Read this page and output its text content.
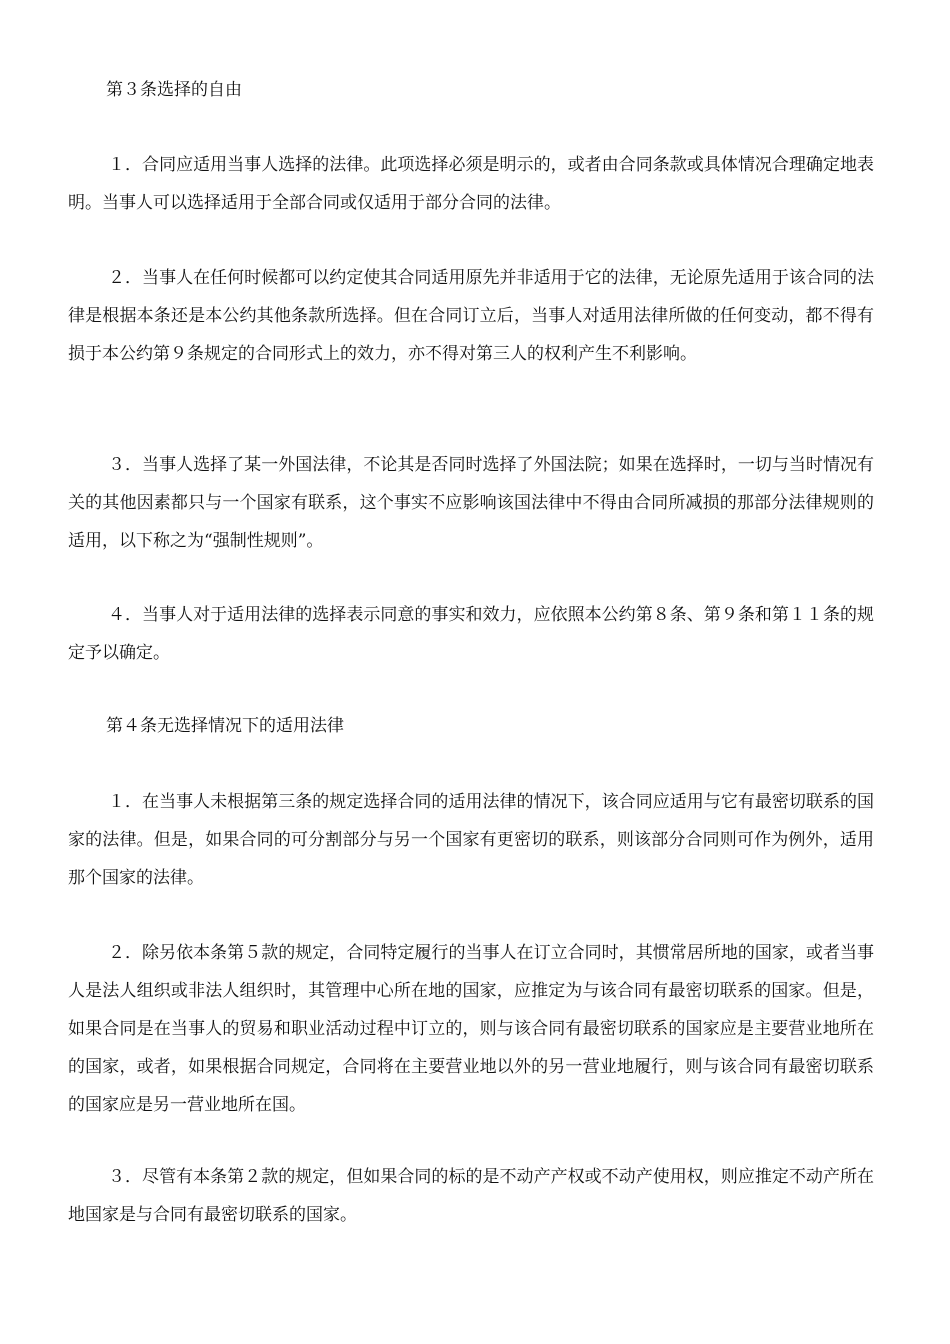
第３条选择的自由
１．合同应适用当事人选择的法律。此项选择必须是明示的，或者由合同条款或具体情况合理确定地表明。当事人可以选择适用于全部合同或仅适用于部分合同的法律。
２．当事人在任何时候都可以约定使其合同适用原先并非适用于它的法律，无论原先适用于该合同的法律是根据本条还是本公约其他条款所选择。但在合同订立后，当事人对适用法律所做的任何变动，都不得有损于本公约第９条规定的合同形式上的效力，亦不得对第三人的权利产生不利影响。
３．当事人选择了某一外国法律，不论其是否同时选择了外国法院；如果在选择时，一切与当时情况有关的其他因素都只与一个国家有联系，这个事实不应影响该国法律中不得由合同所减损的那部分法律规则的适用，以下称之为“强制性规则”。
４．当事人对于适用法律的选择表示同意的事实和效力，应依照本公约第８条、第９条和第１１条的规定予以确定。
第４条无选择情况下的适用法律
１．在当事人未根据第三条的规定选择合同的适用法律的情况下，该合同应适用与它有最密切联系的国家的法律。但是，如果合同的可分割部分与另一个国家有更密切的联系，则该部分合同则可作为例外，适用那个国家的法律。
２．除另依本条第５款的规定，合同特定履行的当事人在订立合同时，其惯常居所地的国家，或者当事人是法人组织或非法人组织时，其管理中心所在地的国家，应推定为与该合同有最密切联系的国家。但是，如果合同是在当事人的贸易和职业活动过程中订立的，则与该合同有最密切联系的国家应是主要营业地所在的国家，或者，如果根据合同规定，合同将在主要营业地以外的另一营业地履行，则与该合同有最密切联系的国家应是另一营业地所在国。
３．尽管有本条第２款的规定，但如果合同的标的是不动产产权或不动产使用权，则应推定不动产所在地国家是与合同有最密切联系的国家。
